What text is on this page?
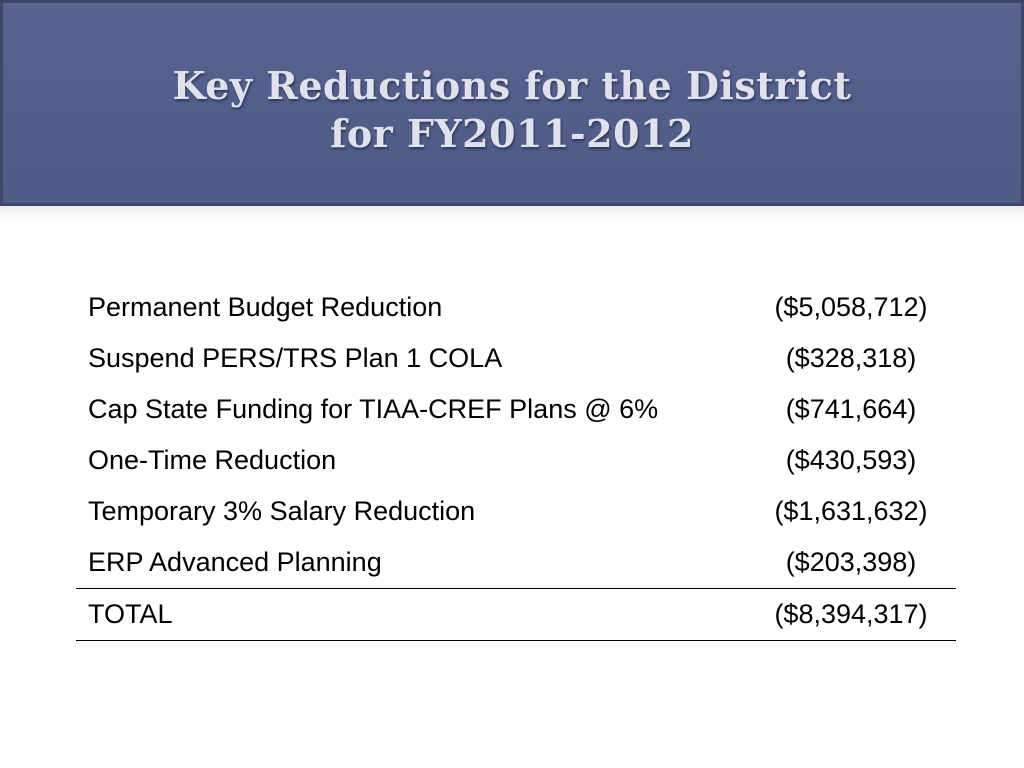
Key Reductions for the District
for FY2011-2012
Permanent Budget Reduction	($5,058,712)
Suspend PERS/TRS Plan 1 COLA	($328,318)
Cap State Funding for TIAA-CREF Plans @ 6%	($741,664)
One-Time Reduction	($430,593)
Temporary 3% Salary Reduction	($1,631,632)
ERP Advanced Planning	($203,398)
TOTAL	($8,394,317)
